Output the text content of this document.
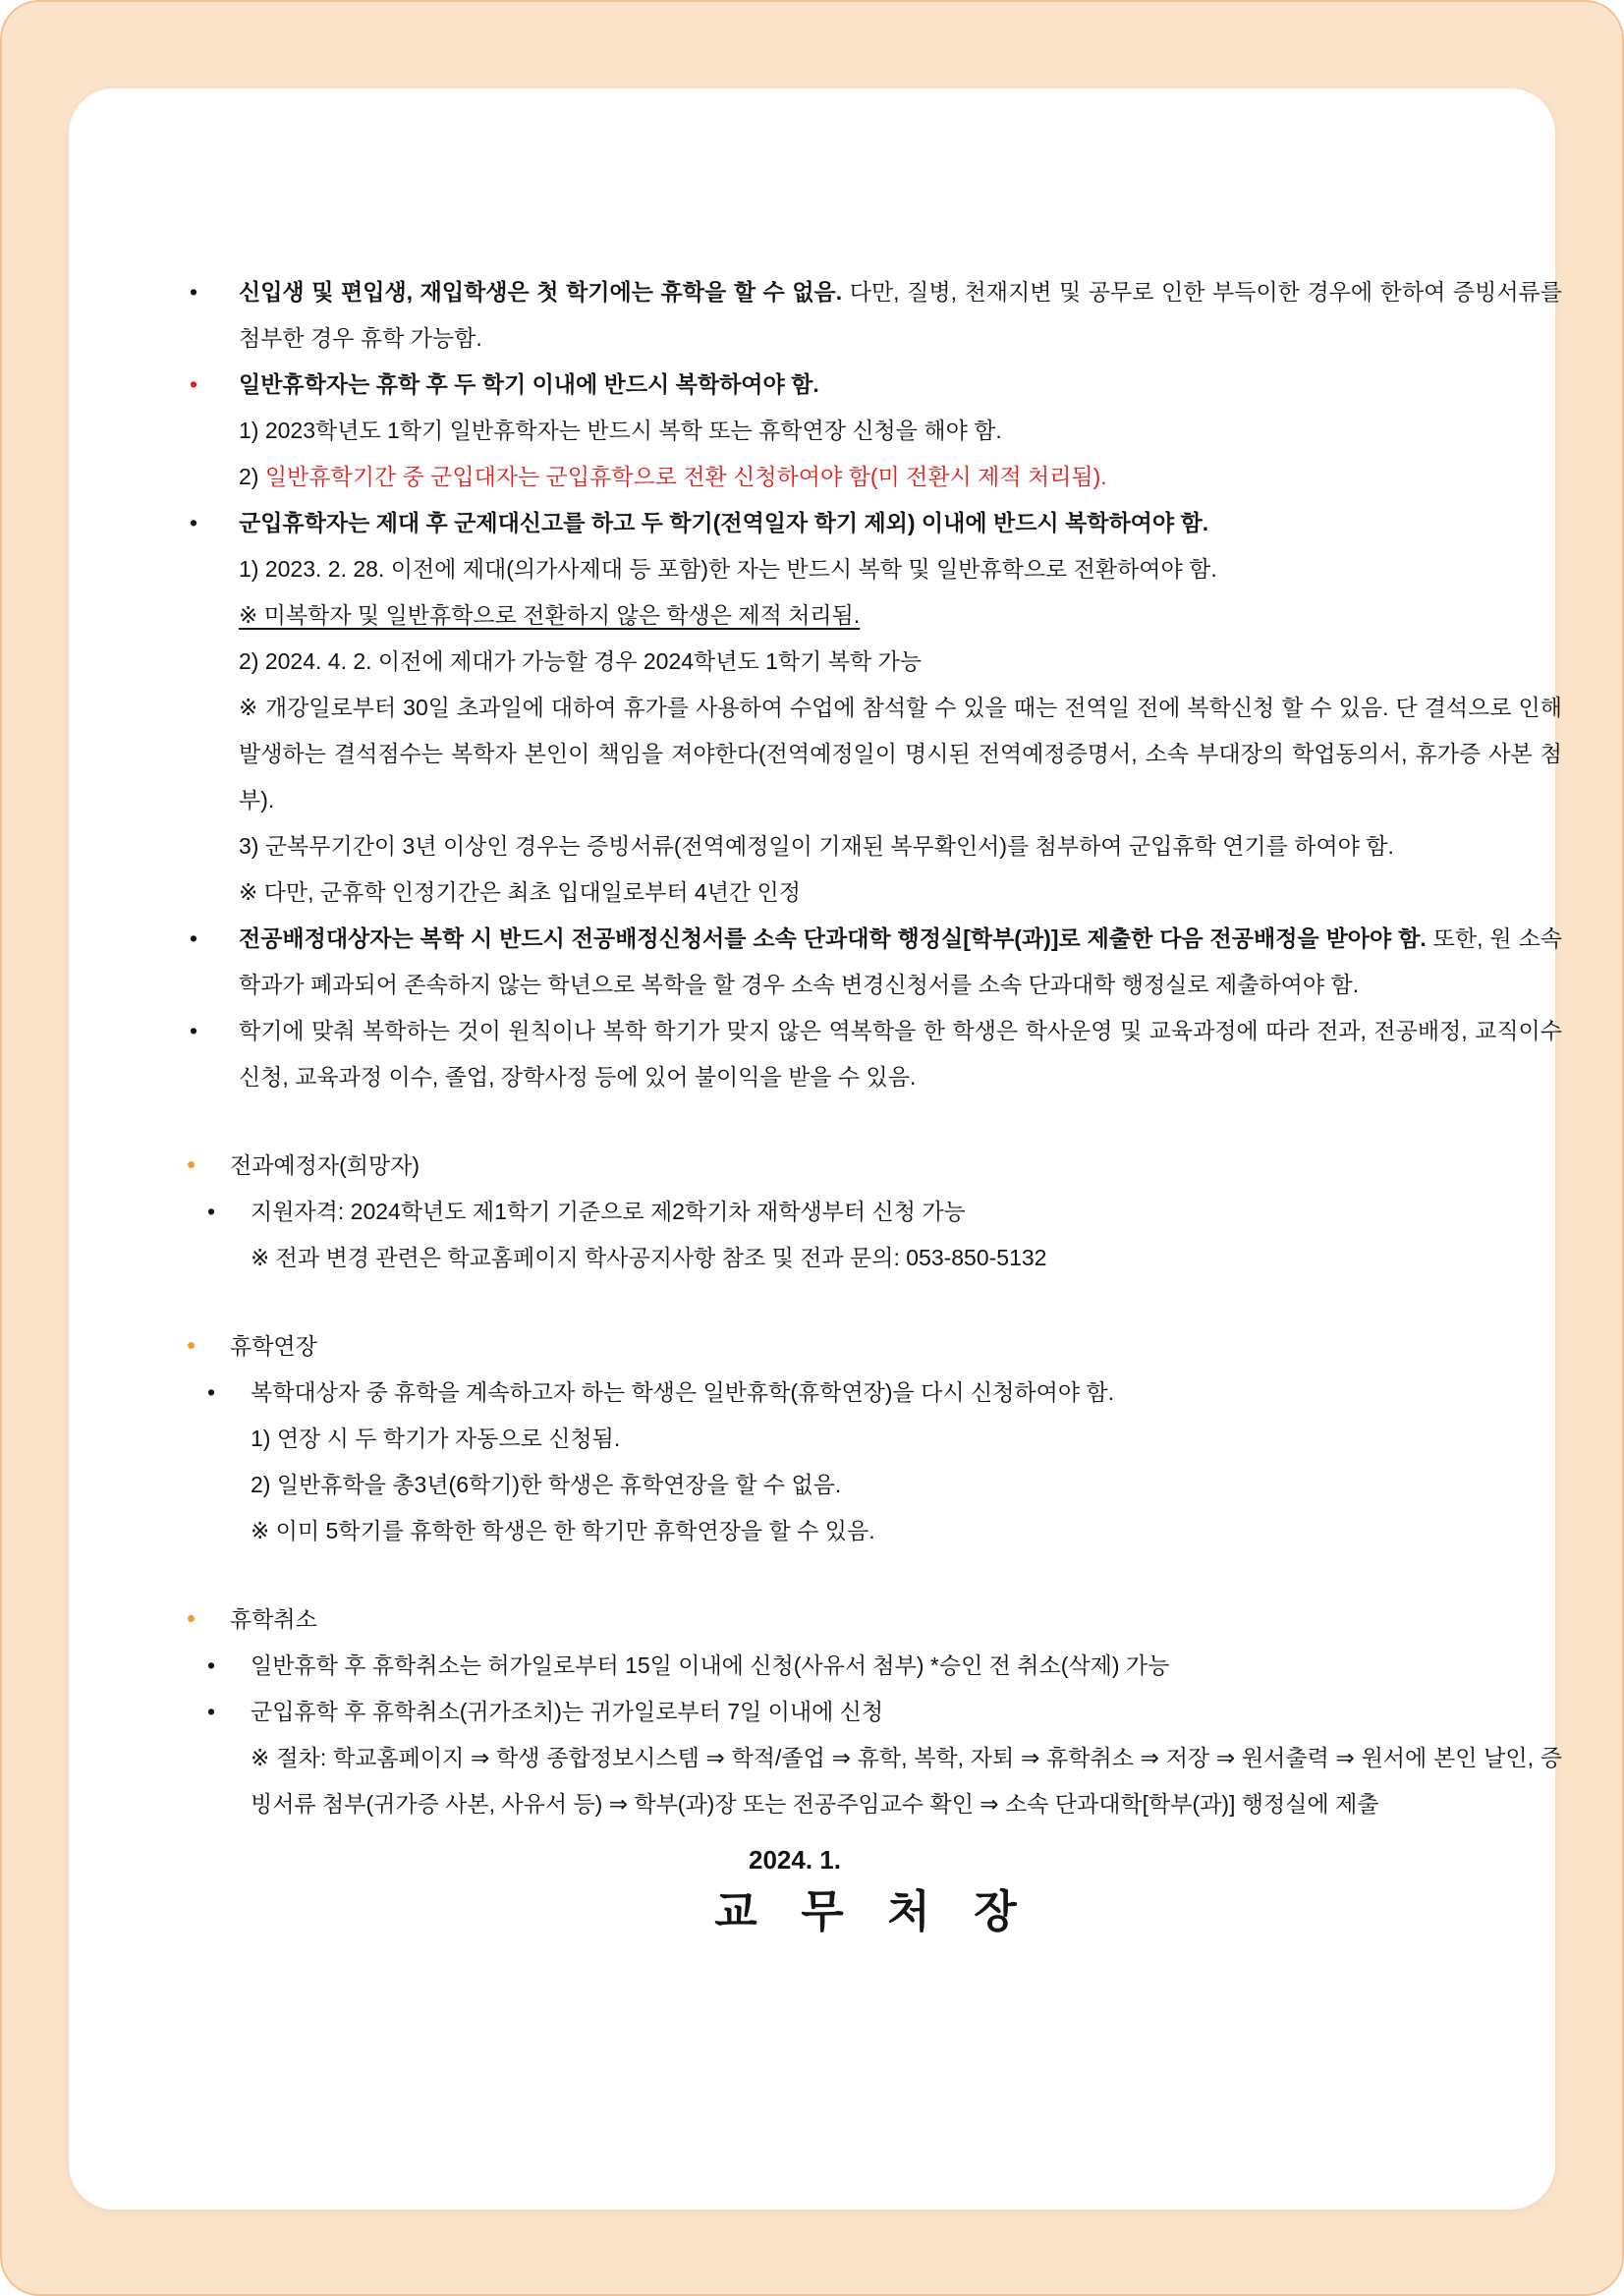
• 신입생 및 편입생, 재입학생은 첫 학기에는 휴학을 할 수 없음. 다만, 질병, 천재지변 및 공무로 인한 부득이한 경우에 한하여 증빙서류를 첨부한 경우 휴학 가능함.
• 일반휴학자는 휴학 후 두 학기 이내에 반드시 복학하여야 함.
1) 2023학년도 1학기 일반휴학자는 반드시 복학 또는 휴학연장 신청을 해야 함.
2) 일반휴학기간 중 군입대자는 군입휴학으로 전환 신청하여야 함(미 전환시 제적 처리됨).
• 군입휴학자는 제대 후 군제대신고를 하고 두 학기(전역일자 학기 제외) 이내에 반드시 복학하여야 함.
1) 2023. 2. 28. 이전에 제대(의가사제대 등 포함)한 자는 반드시 복학 및 일반휴학으로 전환하여야 함.
※ 미복학자 및 일반휴학으로 전환하지 않은 학생은 제적 처리됨.
2) 2024. 4. 2. 이전에 제대가 가능할 경우 2024학년도 1학기 복학 가능
※ 개강일로부터 30일 초과일에 대하여 휴가를 사용하여 수업에 참석할 수 있을 때는 전역일 전에 복학신청 할 수 있음. 단 결석으로 인해 발생하는 결석점수는 복학자 본인이 책임을 져야한다(전역예정일이 명시된 전역예정증명서, 소속 부대장의 학업동의서, 휴가증 사본 첨부).
3) 군복무기간이 3년 이상인 경우는 증빙서류(전역예정일이 기재된 복무확인서)를 첨부하여 군입휴학 연기를 하여야 함.
※ 다만, 군휴학 인정기간은 최초 입대일로부터 4년간 인정
• 전공배정대상자는 복학 시 반드시 전공배정신청서를 소속 단과대학 행정실[학부(과)]로 제출한 다음 전공배정을 받아야 함. 또한, 원 소속학과가 폐과되어 존속하지 않는 학년으로 복학을 할 경우 소속 변경신청서를 소속 단과대학 행정실로 제출하여야 함.
• 학기에 맞춰 복학하는 것이 원칙이나 복학 학기가 맞지 않은 역복학을 한 학생은 학사운영 및 교육과정에 따라 전과, 전공배정, 교직이수 신청, 교육과정 이수, 졸업, 장학사정 등에 있어 불이익을 받을 수 있음.
• 전과예정자(희망자)
• 지원자격: 2024학년도 제1학기 기준으로 제2학기차 재학생부터 신청 가능
※ 전과 변경 관련은 학교홈페이지 학사공지사항 참조 및 전과 문의: 053-850-5132
• 휴학연장
• 복학대상자 중 휴학을 계속하고자 하는 학생은 일반휴학(휴학연장)을 다시 신청하여야 함.
1) 연장 시 두 학기가 자동으로 신청됨.
2) 일반휴학을 총3년(6학기)한 학생은 휴학연장을 할 수 없음.
※ 이미 5학기를 휴학한 학생은 한 학기만 휴학연장을 할 수 있음.
• 휴학취소
• 일반휴학 후 휴학취소는 허가일로부터 15일 이내에 신청(사유서 첨부) *승인 전 취소(삭제) 가능
• 군입휴학 후 휴학취소(귀가조치)는 귀가일로부터 7일 이내에 신청
※ 절차: 학교홈페이지 ⇒ 학생 종합정보시스템 ⇒ 학적/졸업 ⇒ 휴학, 복학, 자퇴 ⇒ 휴학취소 ⇒ 저장 ⇒ 원서출력 ⇒ 원서에 본인 날인, 증빙서류 첨부(귀가증 사본, 사유서 등) ⇒ 학부(과)장 또는 전공주임교수 확인 ⇒ 소속 단과대학[학부(과)] 행정실에 제출
2024. 1.
교 무 처 장
